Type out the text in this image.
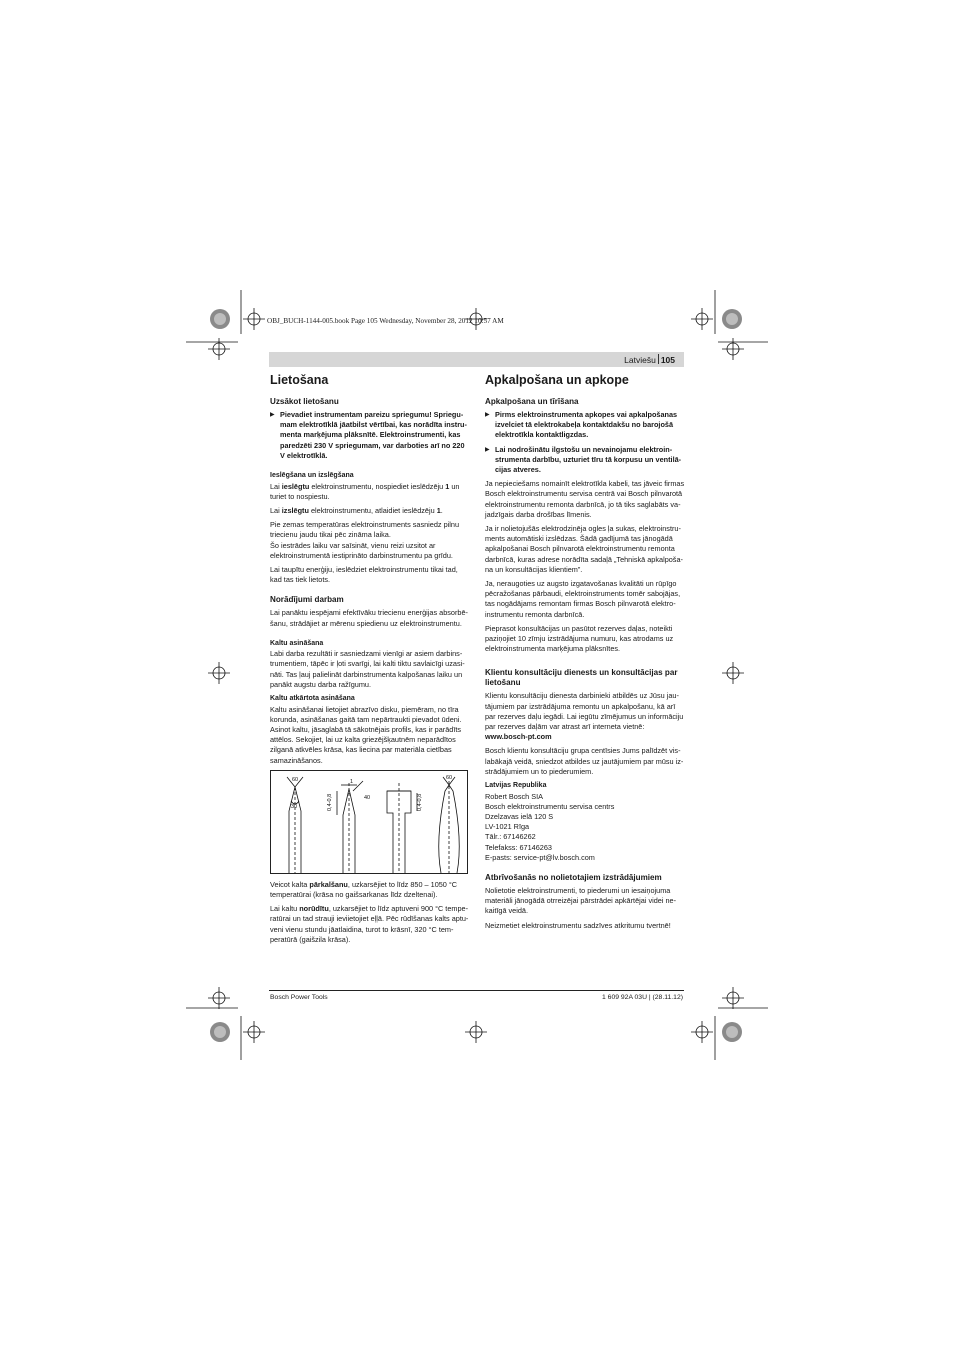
OBJ_BUCH-1144-005.book Page 105 Wednesday, November 28, 2012 10:57 AM
Latviešu 105
Lietošana
Uzsākot lietošanu
▶ Pievadiet instrumentam pareizu spriegumu! Spriegumam elektrotīklā jāatbilst vērtībai, kas norādīta instrumenta marķējuma plāksnītē. Elektroinstrumenti, kas paredzēti 230 V spriegumam, var darboties arī no 220 V elektrotīklā.
Ieslēgšana un izslēgšana

Lai ieslēgtu elektroinstrumentu, nospiediet ieslēdzēju 1 un turiet to nospiestu.

Lai izslēgtu elektroinstrumentu, atlaidiet ieslēdzēju 1.

Pie zemas temperatūras elektroinstruments sasniedz pilnu triecienu jaudu tikai pēc zināma laika.

Šo iestrādes laiku var saīsināt, vienu reizi uzsitot ar elektroinstrumentā iestiprināto darbinstrumentu pa grīdu.

Lai taupītu enerģiju, ieslēdziet elektroinstrumentu tikai tad, kad tas tiek lietots.

Norādījumi darbam

Lai panāktu iespējami efektīvāku triecienu enerģijas absorbēšanu, strādājiet ar mērenu spiedienu uz elektroinstrumentu.

Kaltu asināšana

Labi darba rezultāti ir sasniedzami vienīgi ar asiem darbinstrumentiem, tāpēc ir ļoti svarīgi, lai kalti tiktu savlaicīgi uzasināti. Tas ļauj palielināt darbinstrumenta kalpošanas laiku un panākt augstu darba ražīgumu.

Kaltu atkārtota asināšana

Kaltu asināšanai lietojiet abrazīvo disku, piemēram, no tīra korunda, asināšanas gaitā tam nepārtraukti pievadot ūdeni. Asinot kaltu, jāsaglabā tā sākotnējais profils, kas ir parādīts attēlos. Sekojiet, lai uz kalta griezējšķautnēm neparādītos zilganā atkvēles krāsa, kas liecina par materiāla cietības samazināšanos.

60
30
1
40
0,4-0,8	0,4-0,8
60

Veicot kalta pārkalšanu, uzkarsējiet to līdz 850 – 1050 °C temperatūrai (krāsa no gaišsarkanas līdz dzeltenai).

Lai kaltu norūdītu, uzkarsējiet to līdz aptuveni 900 °C temperatūrai un tad strauji ieviietojiet eļļā. Pēc rūdīšanas kalts aptuveni vienu stundu jāatlaidina, turot to krāsnī, 320 °C temperatūrā (gaišzila krāsa).

Apkalpošana un apkope
Apkalpošana un tīrīšana
▶ Pirms elektroinstrumenta apkopes vai apkalpošanas izvelciet tā elektrokabeļa kontaktdakšu no barojošā elektrotīkla kontaktligzdas.
▶ Lai nodrošinātu ilgstošu un nevainojamu elektroinstrumenta darbību, uzturiet tīru tā korpusu un ventilācijas atveres.

Ja nepieciešams nomainīt elektrotīkla kabeli, tas jāveic firmas Bosch elektroinstrumentu servisa centrā vai Bosch pilnvarotā elektroinstrumentu remonta darbnīcā, jo tā tiks saglabāts vajadzīgais darba drošības līmenis.

Ja ir nolietojušās elektrodzinēja ogles ļa sukas, elektroinstruments automātiski izslēdzas. Šādā gadījumā tas jānogādā apkalpošanai Bosch pilnvarotā elektroinstrumentu remonta darbnīcā, kuras adrese norādīta sadaļā „Tehniskā apkalpošana un konsultācijas klientiem”.

Ja, neraugoties uz augsto izgatavošanas kvalitāti un rūpīgo pēcražošanas pārbaudi, elektroinstruments tomēr sabojājas, tas nogādājams remontam firmas Bosch pilnvarotā elektroinstrumentu remonta darbnīcā.

Pieprasot konsultācijas un pasūtot rezerves daļas, noteikti paziņojiet 10 zīmju izstrādājuma numuru, kas atrodams uz elektroinstrumenta marķējuma plāksnītes.

Klientu konsultāciju dienests un konsultācijas par lietošanu

Klientu konsultāciju dienesta darbinieki atbildēs uz Jūsu jautājumiem par izstrādājuma remontu un apkalpošanu, kā arī par rezerves daļu iegādi. Lai iegūtu zīmējumus un informāciju par rezerves daļām var atrast arī interneta vietnē:

www.bosch-pt.com

Bosch klientu konsultāciju grupa centīsies Jums palīdzēt vislabākajā veidā, sniedzot atbildes uz jautājumiem par mūsu izstrādājumiem un to piederumiem.

Latvijas Republika
Robert Bosch SIA
Bosch elektroinstrumentu servisa centrs
Dzelzavas ielā 120 S
LV-1021 Rīga
Tālr.: 67146262
Telefakss: 67146263
E-pasts: service-pt@lv.bosch.com
Atbrīvošanās no nolietotajiem izstrādājumiem

Nolietotie elektroinstrumenti, to piederumi un iesaiņojuma materiāli jānogādā otrreizējai pārstrādei apkārtējai videi nekaitīgā veidā.

Neizmetiet elektroinstrumentu sadzīves atkritumu tvertnē!

Bosch Power Tools	1 609 92A 03U | (28.11.12)
